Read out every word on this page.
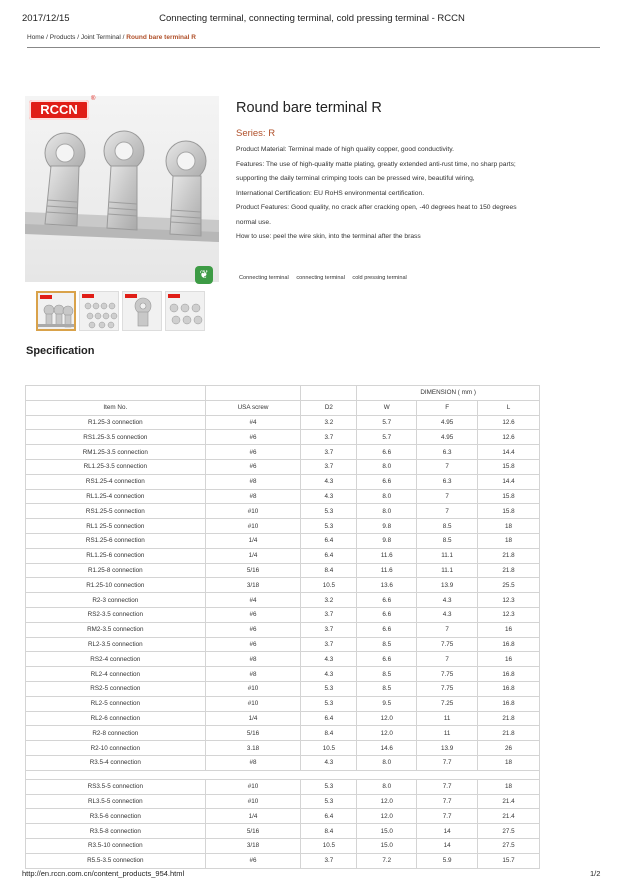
2017/12/15	Connecting terminal, connecting terminal, cold pressing terminal - RCCN
Home / Products / Joint Terminal / Round bare terminal R
RCCN
®
❦
Round bare terminal R
Series: R
Product Material: Terminal made of high quality copper, good conductivity.
Features: The use of high-quality matte plating, greatly extended anti-rust time, no sharp parts;
supporting the daily terminal crimping tools can be pressed wire, beautiful wiring,
International Certification: EU RoHS environmental certification.
Product Features: Good quality, no crack after cracking open, -40 degrees heat to 150 degrees
normal use.
How to use: peel the wire skin, into the terminal after the brass
Connecting terminal connecting terminal cold pressing terminal
Specification
			DIMENSION ( mm )		
Item No.	USA screw	D2	W	F	L
R1.25-3 connection	#4	3.2	5.7	4.95	12.6
RS1.25-3.5 connection	#6	3.7	5.7	4.95	12.6
RM1.25-3.5 connection	#6	3.7	6.6	6.3	14.4
RL1.25-3.5 connection	#6	3.7	8.0	7	15.8
RS1.25-4 connection	#8	4.3	6.6	6.3	14.4
RL1.25-4 connection	#8	4.3	8.0	7	15.8
RS1.25-5 connection	#10	5.3	8.0	7	15.8
RL1 25-5 connection	#10	5.3	9.8	8.5	18
RS1.25-6 connection	1/4	6.4	9.8	8.5	18
RL1.25-6 connection	1/4	6.4	11.6	11.1	21.8
R1.25-8 connection	5/16	8.4	11.6	11.1	21.8
R1.25-10 connection	3/18	10.5	13.6	13.9	25.5
R2-3 connection	#4	3.2	6.6	4.3	12.3
RS2-3.5 connection	#6	3.7	6.6	4.3	12.3
RM2-3.5 connection	#6	3.7	6.6	7	16
RL2-3.5 connection	#6	3.7	8.5	7.75	16.8
RS2-4 connection	#8	4.3	6.6	7	16
RL2-4 connection	#8	4.3	8.5	7.75	16.8
RS2-5 connection	#10	5.3	8.5	7.75	16.8
RL2-5 connection	#10	5.3	9.5	7.25	16.8
RL2-6 connection	1/4	6.4	12.0	11	21.8
R2-8 connection	5/16	8.4	12.0	11	21.8
R2-10 connection	3.18	10.5	14.6	13.9	26
R3.5-4 connection	#8	4.3	8.0	7.7	18

RS3.5-5 connection	#10	5.3	8.0	7.7	18
RL3.5-5 connection	#10	5.3	12.0	7.7	21.4
R3.5-6 connection	1/4	6.4	12.0	7.7	21.4
R3.5-8 connection	5/16	8.4	15.0	14	27.5
R3.5-10 connection	3/18	10.5	15.0	14	27.5
R5.5-3.5 connection	#6	3.7	7.2	5.9	15.7
http://en.rccn.com.cn/content_products_954.html	1/2
